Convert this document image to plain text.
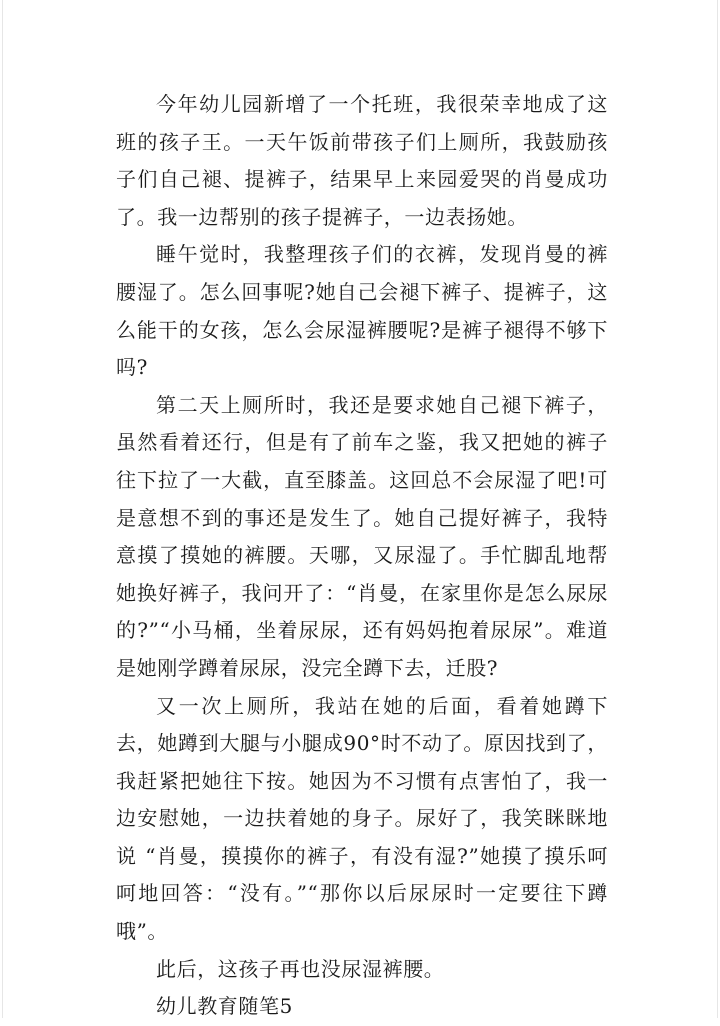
今年幼儿园新增了一个托班，我很荣幸地成了这班的孩子王。一天午饭前带孩子们上厕所，我鼓励孩子们自己褪、提裤子，结果早上来园爱哭的肖曼成功了。我一边帮别的孩子提裤子，一边表扬她。

睡午觉时，我整理孩子们的衣裤，发现肖曼的裤腰湿了。怎么回事呢?她自己会褪下裤子、提裤子，这么能干的女孩，怎么会尿湿裤腰呢?是裤子褪得不够下吗?

第二天上厕所时，我还是要求她自己褪下裤子，虽然看着还行，但是有了前车之鉴，我又把她的裤子往下拉了一大截，直至膝盖。这回总不会尿湿了吧!可是意想不到的事还是发生了。她自己提好裤子，我特意摸了摸她的裤腰。天哪，又尿湿了。手忙脚乱地帮她换好裤子，我问开了：“肖曼，在家里你是怎么尿尿的?”“小马桶，坐着尿尿，还有妈妈抱着尿尿”。难道是她刚学蹲着尿尿，没完全蹲下去，迁股?

又一次上厕所，我站在她的后面，看着她蹲下去，她蹲到大腿与小腿成90°时不动了。原因找到了，我赶紧把她往下按。她因为不习惯有点害怕了，我一边安慰她，一边扶着她的身子。尿好了，我笑眯眯地说 “肖曼，摸摸你的裤子，有没有湿?”她摸了摸乐呵呵地回答：“没有。”“那你以后尿尿时一定要往下蹲哦”。

此后，这孩子再也没尿湿裤腰。

幼儿教育随笔5
